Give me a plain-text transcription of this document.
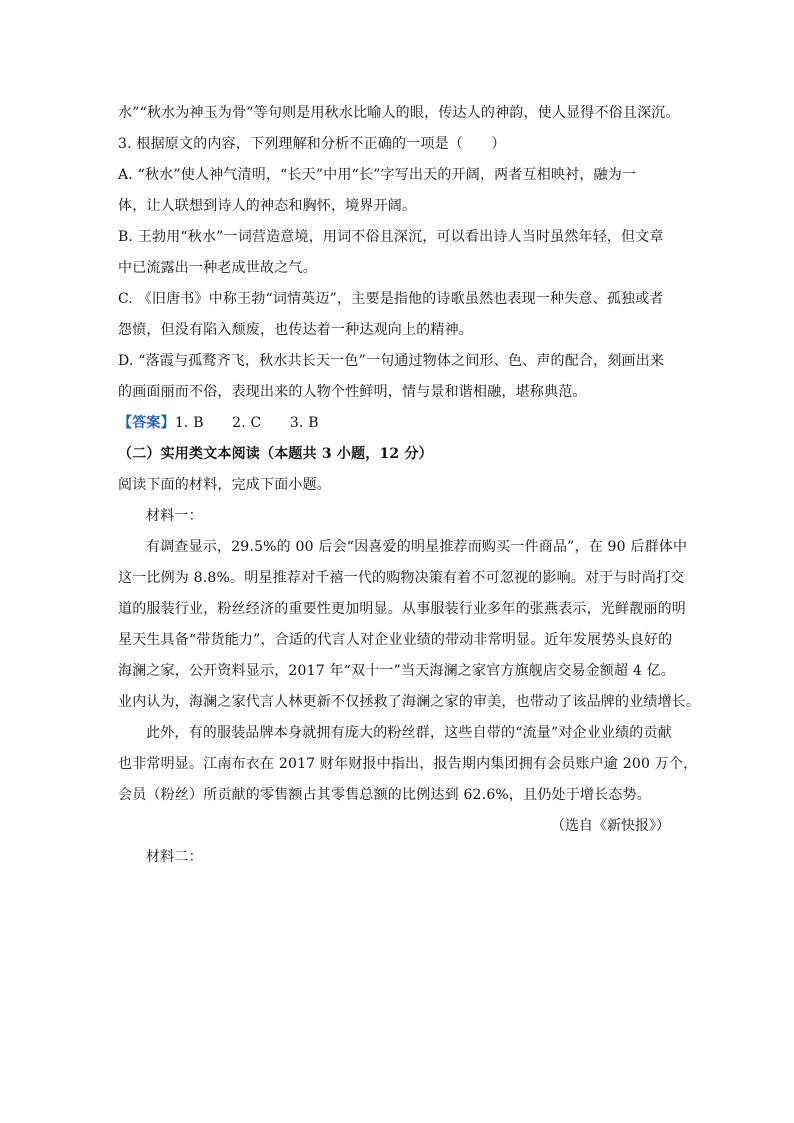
水”“秋水为神玉为骨”等句则是用秋水比喻人的眼，传达人的神韵，使人显得不俗且深沉。
3. 根据原文的内容，下列理解和分析不正确的一项是（　　）
A. “秋水”使人神气清明，“长天”中用“长”字写出天的开阔，两者互相映衬，融为一
体，让人联想到诗人的神态和胸怀，境界开阔。
B. 王勃用“秋水”一词营造意境，用词不俗且深沉，可以看出诗人当时虽然年轻，但文章
中已流露出一种老成世故之气。
C. 《旧唐书》中称王勃“词情英迈”，主要是指他的诗歌虽然也表现一种失意、孤独或者
怨愤，但没有陷入颓废，也传达着一种达观向上的精神。
D. “落霞与孤鹜齐飞，秋水共长天一色”一句通过物体之间形、色、声的配合，刻画出来
的画面丽而不俗，表现出来的人物个性鲜明，情与景和谐相融，堪称典范。
【答案】1. B　　2. C　　3. B
（二）实用类文本阅读（本题共 3 小题，12 分）
阅读下面的材料，完成下面小题。
材料一：
有调查显示，29.5%的 00 后会“因喜爱的明星推荐而购买一件商品”，在 90 后群体中
这一比例为 8.8%。明星推荐对千禧一代的购物决策有着不可忽视的影响。对于与时尚打交
道的服装行业，粉丝经济的重要性更加明显。从事服装行业多年的张燕表示，光鲜靓丽的明
星天生具备“带货能力”，合适的代言人对企业业绩的带动非常明显。近年发展势头良好的
海澜之家，公开资料显示，2017 年“双十一”当天海澜之家官方旗舰店交易金额超 4 亿。
业内认为，海澜之家代言人林更新不仅拯救了海澜之家的审美，也带动了该品牌的业绩增长。
此外，有的服装品牌本身就拥有庞大的粉丝群，这些自带的“流量”对企业业绩的贡献
也非常明显。江南布衣在 2017 财年财报中指出，报告期内集团拥有会员账户逾 200 万个，
会员（粉丝）所贡献的零售额占其零售总额的比例达到 62.6%，且仍处于增长态势。
（选自《新快报》）
材料二：
